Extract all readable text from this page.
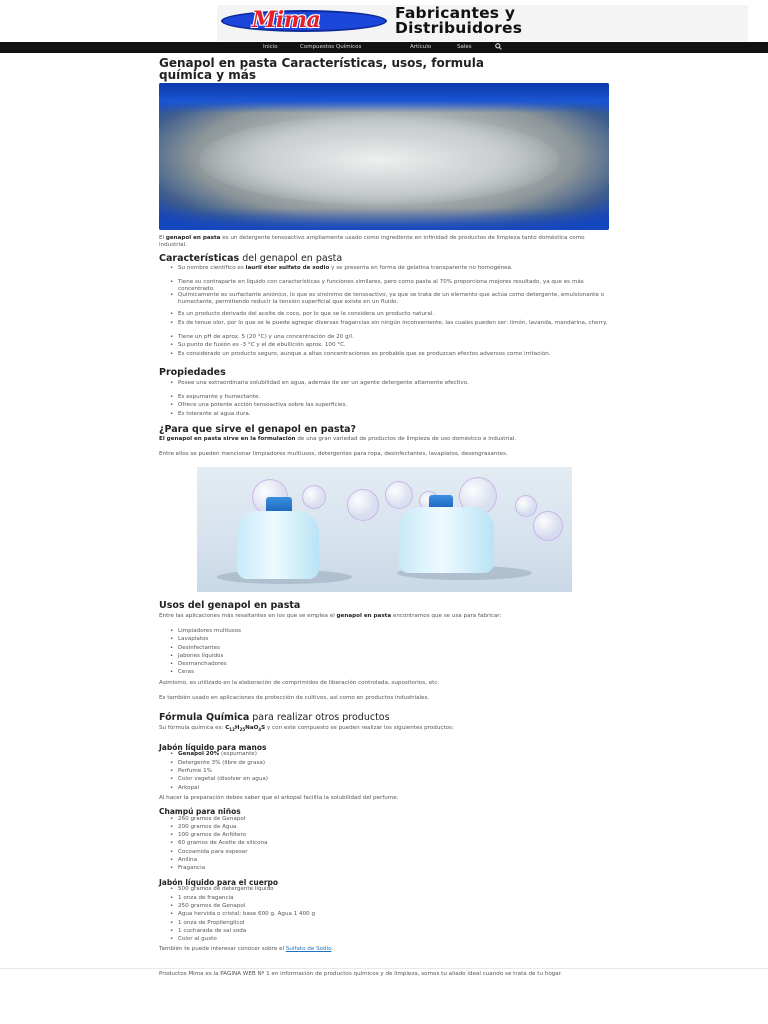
Mima	Fabricantes y
Distribuidores
Inicio	Compuestos Químicos	Artículo	Sales
Genapol en pasta Características, usos, formula
química y más

El genapol en pasta es un detergente tensoactivo ampliamente usado como ingrediente en infinidad de productos de limpieza tanto doméstica como industrial.

Características del genapol en pasta
• Su nombre científico es lauril éter sulfato de sodio y se presenta en forma de gelatina transparente no homogénea.
• Tiene su contraparte en líquido con características y funciones similares, pero como pasta al 70% proporciona mejores resultado, ya que es más concentrado.
• Químicamente es surfactante aniónico, lo que es sinónimo de tensoactivo, ya que se trata de un elemento que actúa como detergente, emulsionante o humectante, permitiendo reducir la tensión superficial que existe en un fluido.
• Es un producto derivado del aceite de coco, por lo que se le considera un producto natural.
• Es de tenue olor, por lo que se le puede agregar diversas fragancias sin ningún inconveniente, las cuales pueden ser: limón, lavanda, mandarina, cherry.
• Tiene un pH de aprox. 5 (20 °C) y una concentración de 20 g/l.
• Su punto de fusión es -3 °C y el de ebullición aprox. 100 °C.
• Es considerado un producto seguro, aunque a altas concentraciones es probable que se produzcan efectos adversos como irritación.
Propiedades
• Posee una extraordinaria solubilidad en agua, además de ser un agente detergente altamente efectivo.
• Es espumante y humectante.
• Ofrece una potente acción tensoactiva sobre las superficies.
• Es tolerante al agua dura.
¿Para que sirve el genapol en pasta?

El genapol en pasta sirve en la formulación de una gran variedad de productos de limpieza de uso doméstico e industrial.

Entre ellos se pueden mencionar limpiadores multiusos, detergentes para ropa, desinfectantes, lavaplatos, desengrasantes.

Usos del genapol en pasta

Entre las aplicaciones más resaltantes en los que se emplea el genapol en pasta encontramos que se usa para fabricar:

• Limpiadores multiusos
• Lavaplatos
• Desinfectantes
• Jabones líquidos
• Desmanchadores
• Ceras

Asimismo, es utilizado en la elaboración de comprimidos de liberación controlada, supositorios, etc.

Es también usado en aplicaciones de protección de cultivos, así como en productos industriales.

Fórmula Química para realizar otros productos

Su fórmula química es: $C_{12}H_{25}NaO_4S$ y con este compuesto se pueden realizar los siguientes productos:

Jabón líquido para manos
• Genapol 20% (espumante)
• Detergente 3% (libre de grasa)
• Perfume 1%
• Color vegetal (disolver en agua)
• Arkopal

Al hacer la preparación debes saber que el arkopal facilita la solubilidad del perfume.

Champú para niños
• 260 gramos de Genapol
• 200 gramos de Agua
• 100 gramos de Anfótero
• 60 gramos de Aceite de silicona
• Cocoamida para espesar
• Anilina
• Fragancia
Jabón líquido para el cuerpo
• 500 gramos de detergente líquido
• 1 onza de fragancia
• 250 gramos de Genapol
• Agua hervida o cristal; base 600 g. Agua 1 400 g
• 1 onza de Propilenglicol
• 1 cucharada de sal soda
• Color al gusto

También te puede interesar conocer sobre el Sulfato de Sodio.

Productos Mima es la PAGINA WEB Nº 1 en información de productos químicos y de limpieza, somos tu aliado ideal cuando se trata de tu hogar.
